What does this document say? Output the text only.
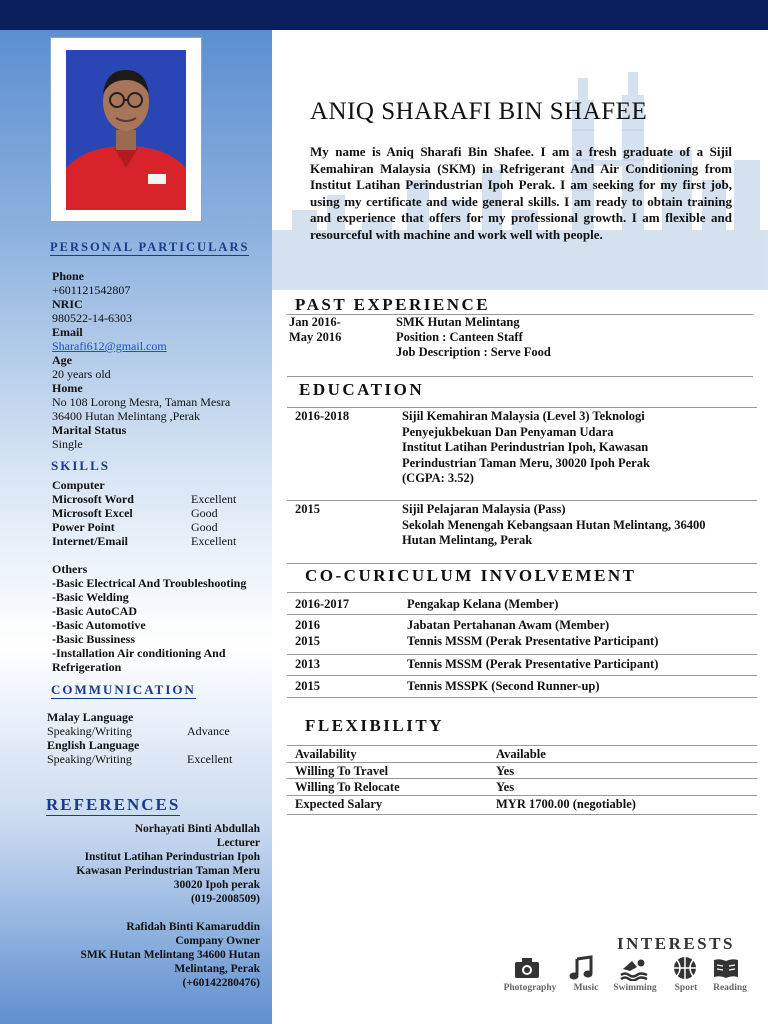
PERSONAL PARTICULARS
Phone
+601121542807
NRIC
980522-14-6303
Email
Sharafi612@gmail.com
Age
20 years old
Home
No 108 Lorong Mesra, Taman Mesra
36400 Hutan Melintang ,Perak
Marital Status
Single
SKILLS
Computer
Microsoft Word	Excellent
Microsoft Excel	Good
Power Point	Good
Internet/Email	Excellent
Others
-Basic Electrical And Troubleshooting
-Basic Welding
-Basic AutoCAD
-Basic Automotive
-Basic Bussiness
-Installation Air conditioning And
Refrigeration
COMMUNICATION
Malay Language
Speaking/Writing	Advance
English Language
Speaking/Writing	Excellent
REFERENCES
Norhayati Binti Abdullah
Lecturer
Institut Latihan Perindustrian Ipoh
Kawasan Perindustrian Taman Meru
30020 Ipoh perak
(019-2008509)
Rafidah Binti Kamaruddin
Company Owner
SMK Hutan Melintang 34600 Hutan
Melintang, Perak
(+60142280476)
ANIQ SHARAFI BIN SHAFEE
My name is Aniq Sharafi Bin Shafee. I am a fresh graduate of a Sijil Kemahiran Malaysia (SKM) in Refrigerant And Air Conditioning from Institut Latihan Perindustrian Ipoh Perak. I am seeking for my first job, using my certificate and wide general skills. I am ready to obtain training and experience that offers for my professional growth. I am flexible and resourceful with machine and work well with people.
PAST EXPERIENCE
Jan 2016-
May 2016
SMK Hutan Melintang
Position : Canteen Staff
Job Description : Serve Food
EDUCATION
2016-2018	Sijil Kemahiran Malaysia (Level 3) Teknologi
Penyejukbekuan Dan Penyaman Udara
Institut Latihan Perindustrian Ipoh, Kawasan
Perindustrian Taman Meru, 30020 Ipoh Perak
(CGPA: 3.52)
2015	Sijil Pelajaran Malaysia (Pass)
Sekolah Menengah Kebangsaan Hutan Melintang, 36400
Hutan Melintang, Perak
CO-CURICULUM INVOLVEMENT
2016-2017	Pengakap Kelana (Member)
2016	Jabatan Pertahanan Awam (Member)
2015	Tennis MSSM (Perak Presentative Participant)
2013	Tennis MSSM (Perak Presentative Participant)
2015	Tennis MSSPK (Second Runner-up)
FLEXIBILITY
Availability	Available
Willing To Travel	Yes
Willing To Relocate	Yes
Expected Salary	MYR 1700.00 (negotiable)
INTERESTS
Photography	Music	Swimming	Sport	Reading
